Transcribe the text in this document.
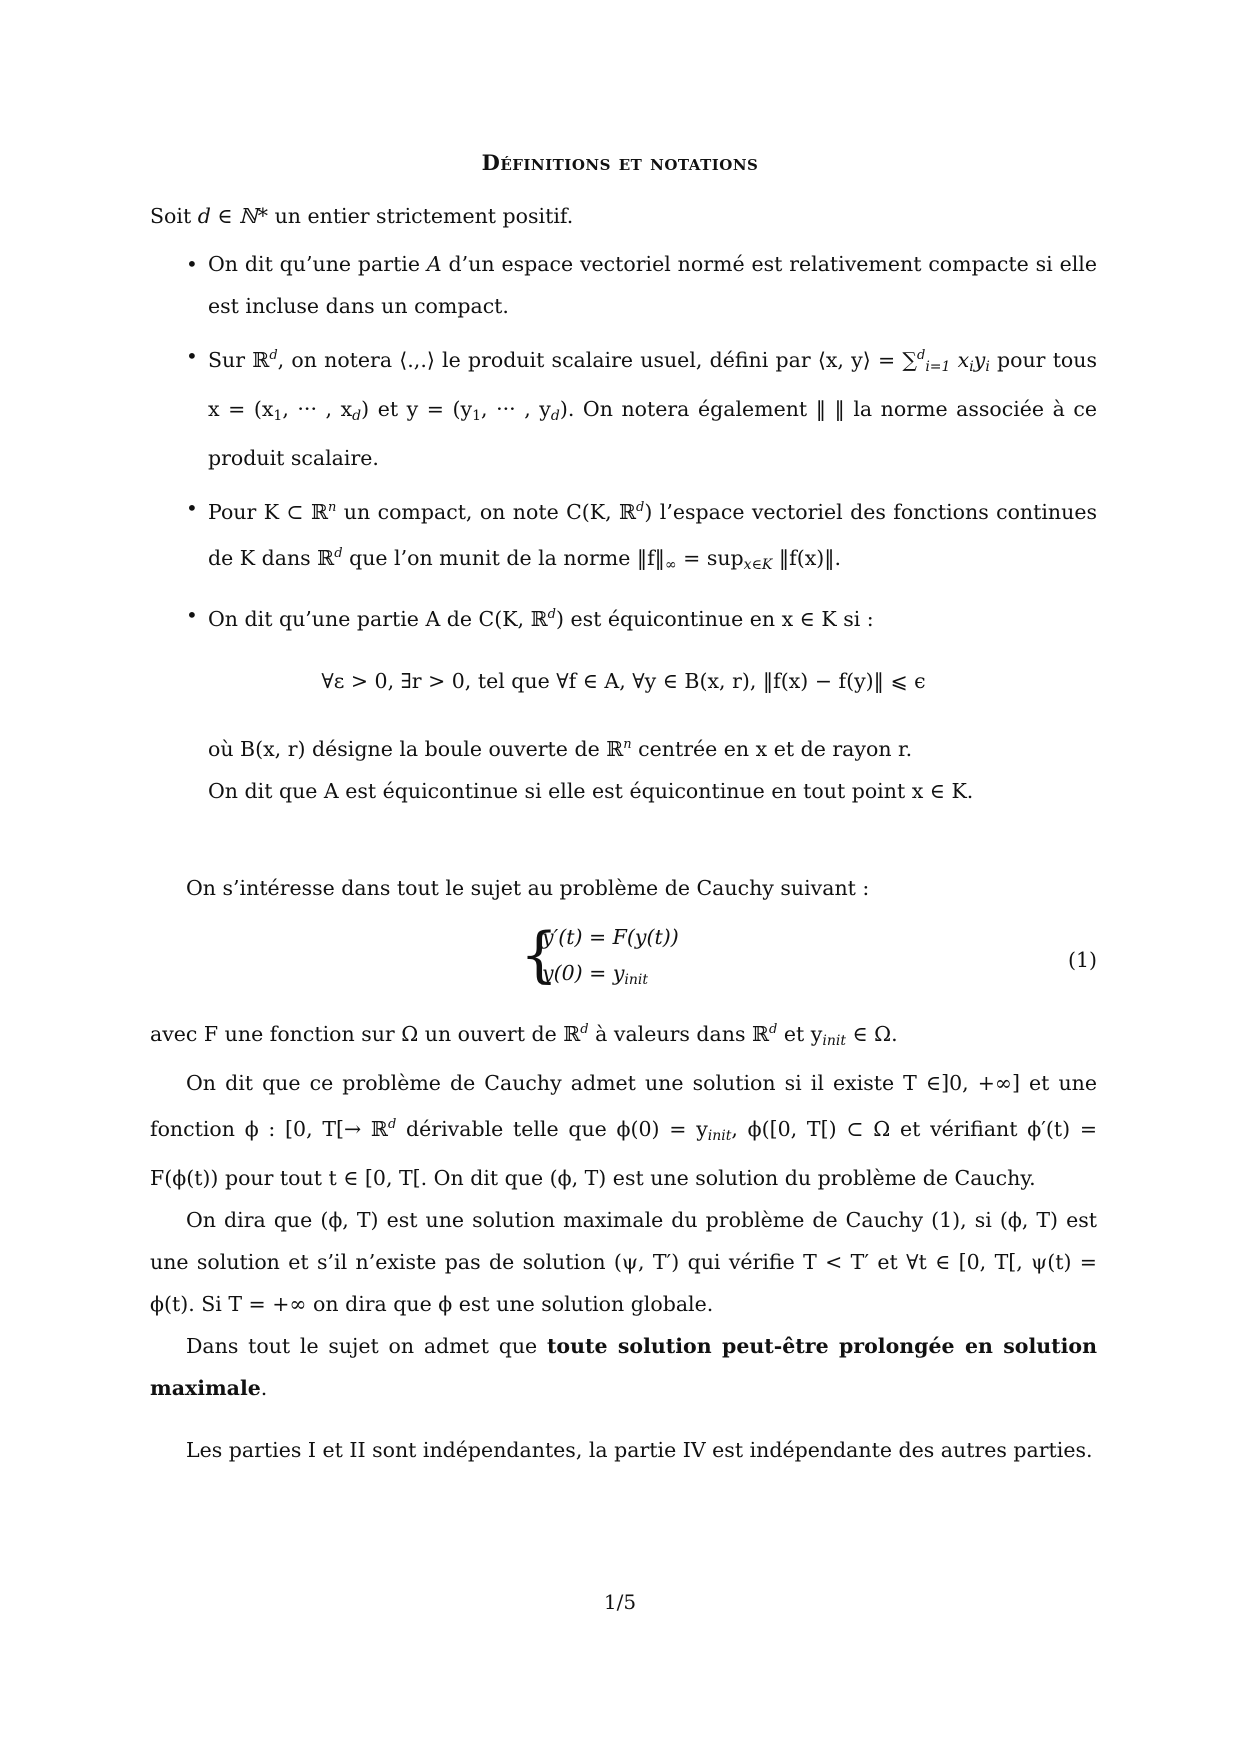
Définitions et notations

Soit d ∈ ℕ* un entier strictement positif.

• On dit qu’une partie A d’un espace vectoriel normé est relativement compacte si elle est incluse dans un compact.
• Sur ℝ$^d$, on notera ⟨.,.⟩ le produit scalaire usuel, défini par ⟨x, y⟩ = ∑$^d_{i=1}$ $x_iy_i$ pour tous $x = (x_1$, ··· , $x_d$) et $y = (y_1$, ··· , $y_d$). On notera également ‖ ‖ la norme associée à ce produit scalaire.
• Pour K ⊂ ℝ$^n$ un compact, on note C(K, ℝ$^d$) l’espace vectoriel des fonctions continues de K dans ℝ$^d$ que l’on munit de la norme $‖f‖_\infty = sup_{x\in K}$ ‖f(x)‖.
• On dit qu’une partie A de C(K, ℝ$^d$) est équicontinue en x ∈ K si :
∀ε > 0, ∃r > 0, tel que ∀f ∈ A, ∀y ∈ B(x, r), ‖f(x) − f(y)‖ ⩽ ϵ
où B(x, r) désigne la boule ouverte de ℝ$^n$ centrée en x et de rayon r.
On dit que A est équicontinue si elle est équicontinue en tout point x ∈ K.

On s’intéresse dans tout le sujet au problème de Cauchy suivant :

{
y′(t) = F(y(t))
$y(0) = y_{init}$
(1)

avec F une fonction sur Ω un ouvert de ℝ$^d$ à valeurs dans ℝ$^d$ et $y_{init}$ ∈ Ω.

On dit que ce problème de Cauchy admet une solution si il existe T ∈]0, +∞] et une fonction ϕ : [0, T[→ ℝ$^d$ dérivable telle que $\phi(0) = y_{init}$, ϕ([0, T[) ⊂ Ω et vérifiant ϕ′(t) = F(ϕ(t)) pour tout t ∈ [0, T[. On dit que (ϕ, T) est une solution du problème de Cauchy.

On dira que (ϕ, T) est une solution maximale du problème de Cauchy (1), si (ϕ, T) est une solution et s’il n’existe pas de solution (ψ, T′) qui vérifie T < T′ et ∀t ∈ [0, T[, ψ(t) = ϕ(t). Si T = +∞ on dira que ϕ est une solution globale.

Dans tout le sujet on admet que toute solution peut-être prolongée en solution maximale.

Les parties I et II sont indépendantes, la partie IV est indépendante des autres parties.

1/5
